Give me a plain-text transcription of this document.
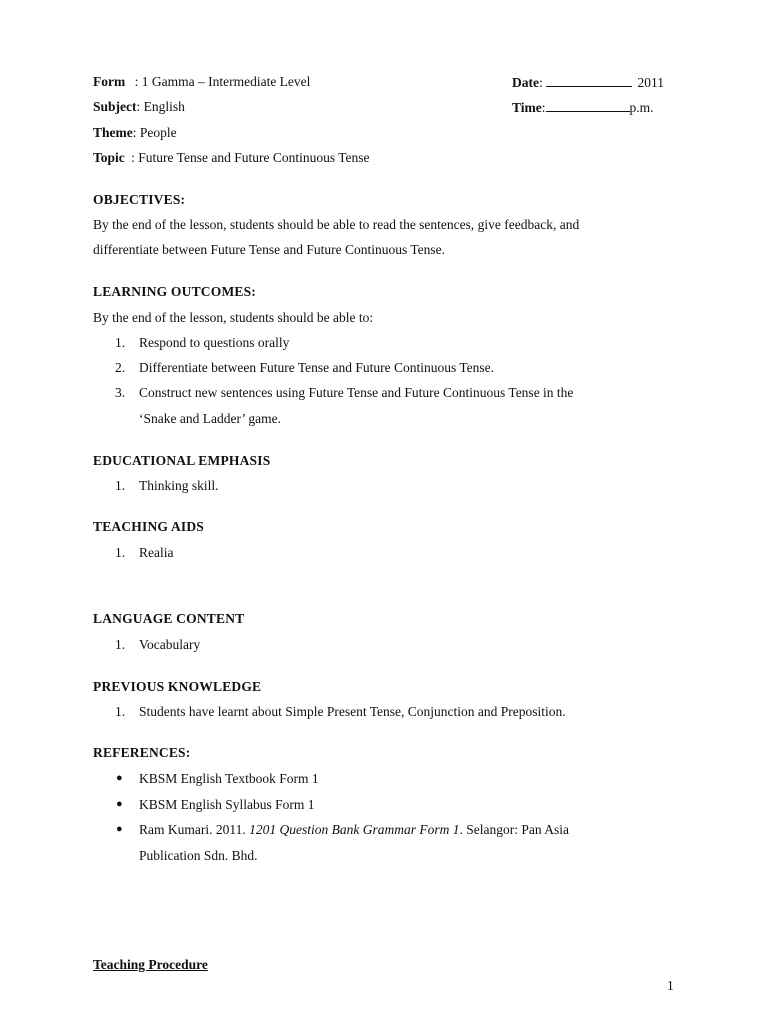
Form : 1 Gamma – Intermediate Level	Date:	2011
Subject: English	Time:	p.m.
Theme: People
Topic : Future Tense and Future Continuous Tense
OBJECTIVES:
By the end of the lesson, students should be able to read the sentences, give feedback, and
differentiate between Future Tense and Future Continuous Tense.
LEARNING OUTCOMES:
By the end of the lesson, students should be able to:
1. Respond to questions orally
2. Differentiate between Future Tense and Future Continuous Tense.
3. Construct new sentences using Future Tense and Future Continuous Tense in the
‘Snake and Ladder’ game.
EDUCATIONAL EMPHASIS
1. Thinking skill.
TEACHING AIDS
1. Realia
LANGUAGE CONTENT
1. Vocabulary
PREVIOUS KNOWLEDGE
1. Students have learnt about Simple Present Tense, Conjunction and Preposition.
REFERENCES:
● KBSM English Textbook Form 1
● KBSM English Syllabus Form 1
● Ram Kumari. 2011. 1201 Question Bank Grammar Form 1. Selangor: Pan Asia
Publication Sdn. Bhd.
Teaching Procedure
1
